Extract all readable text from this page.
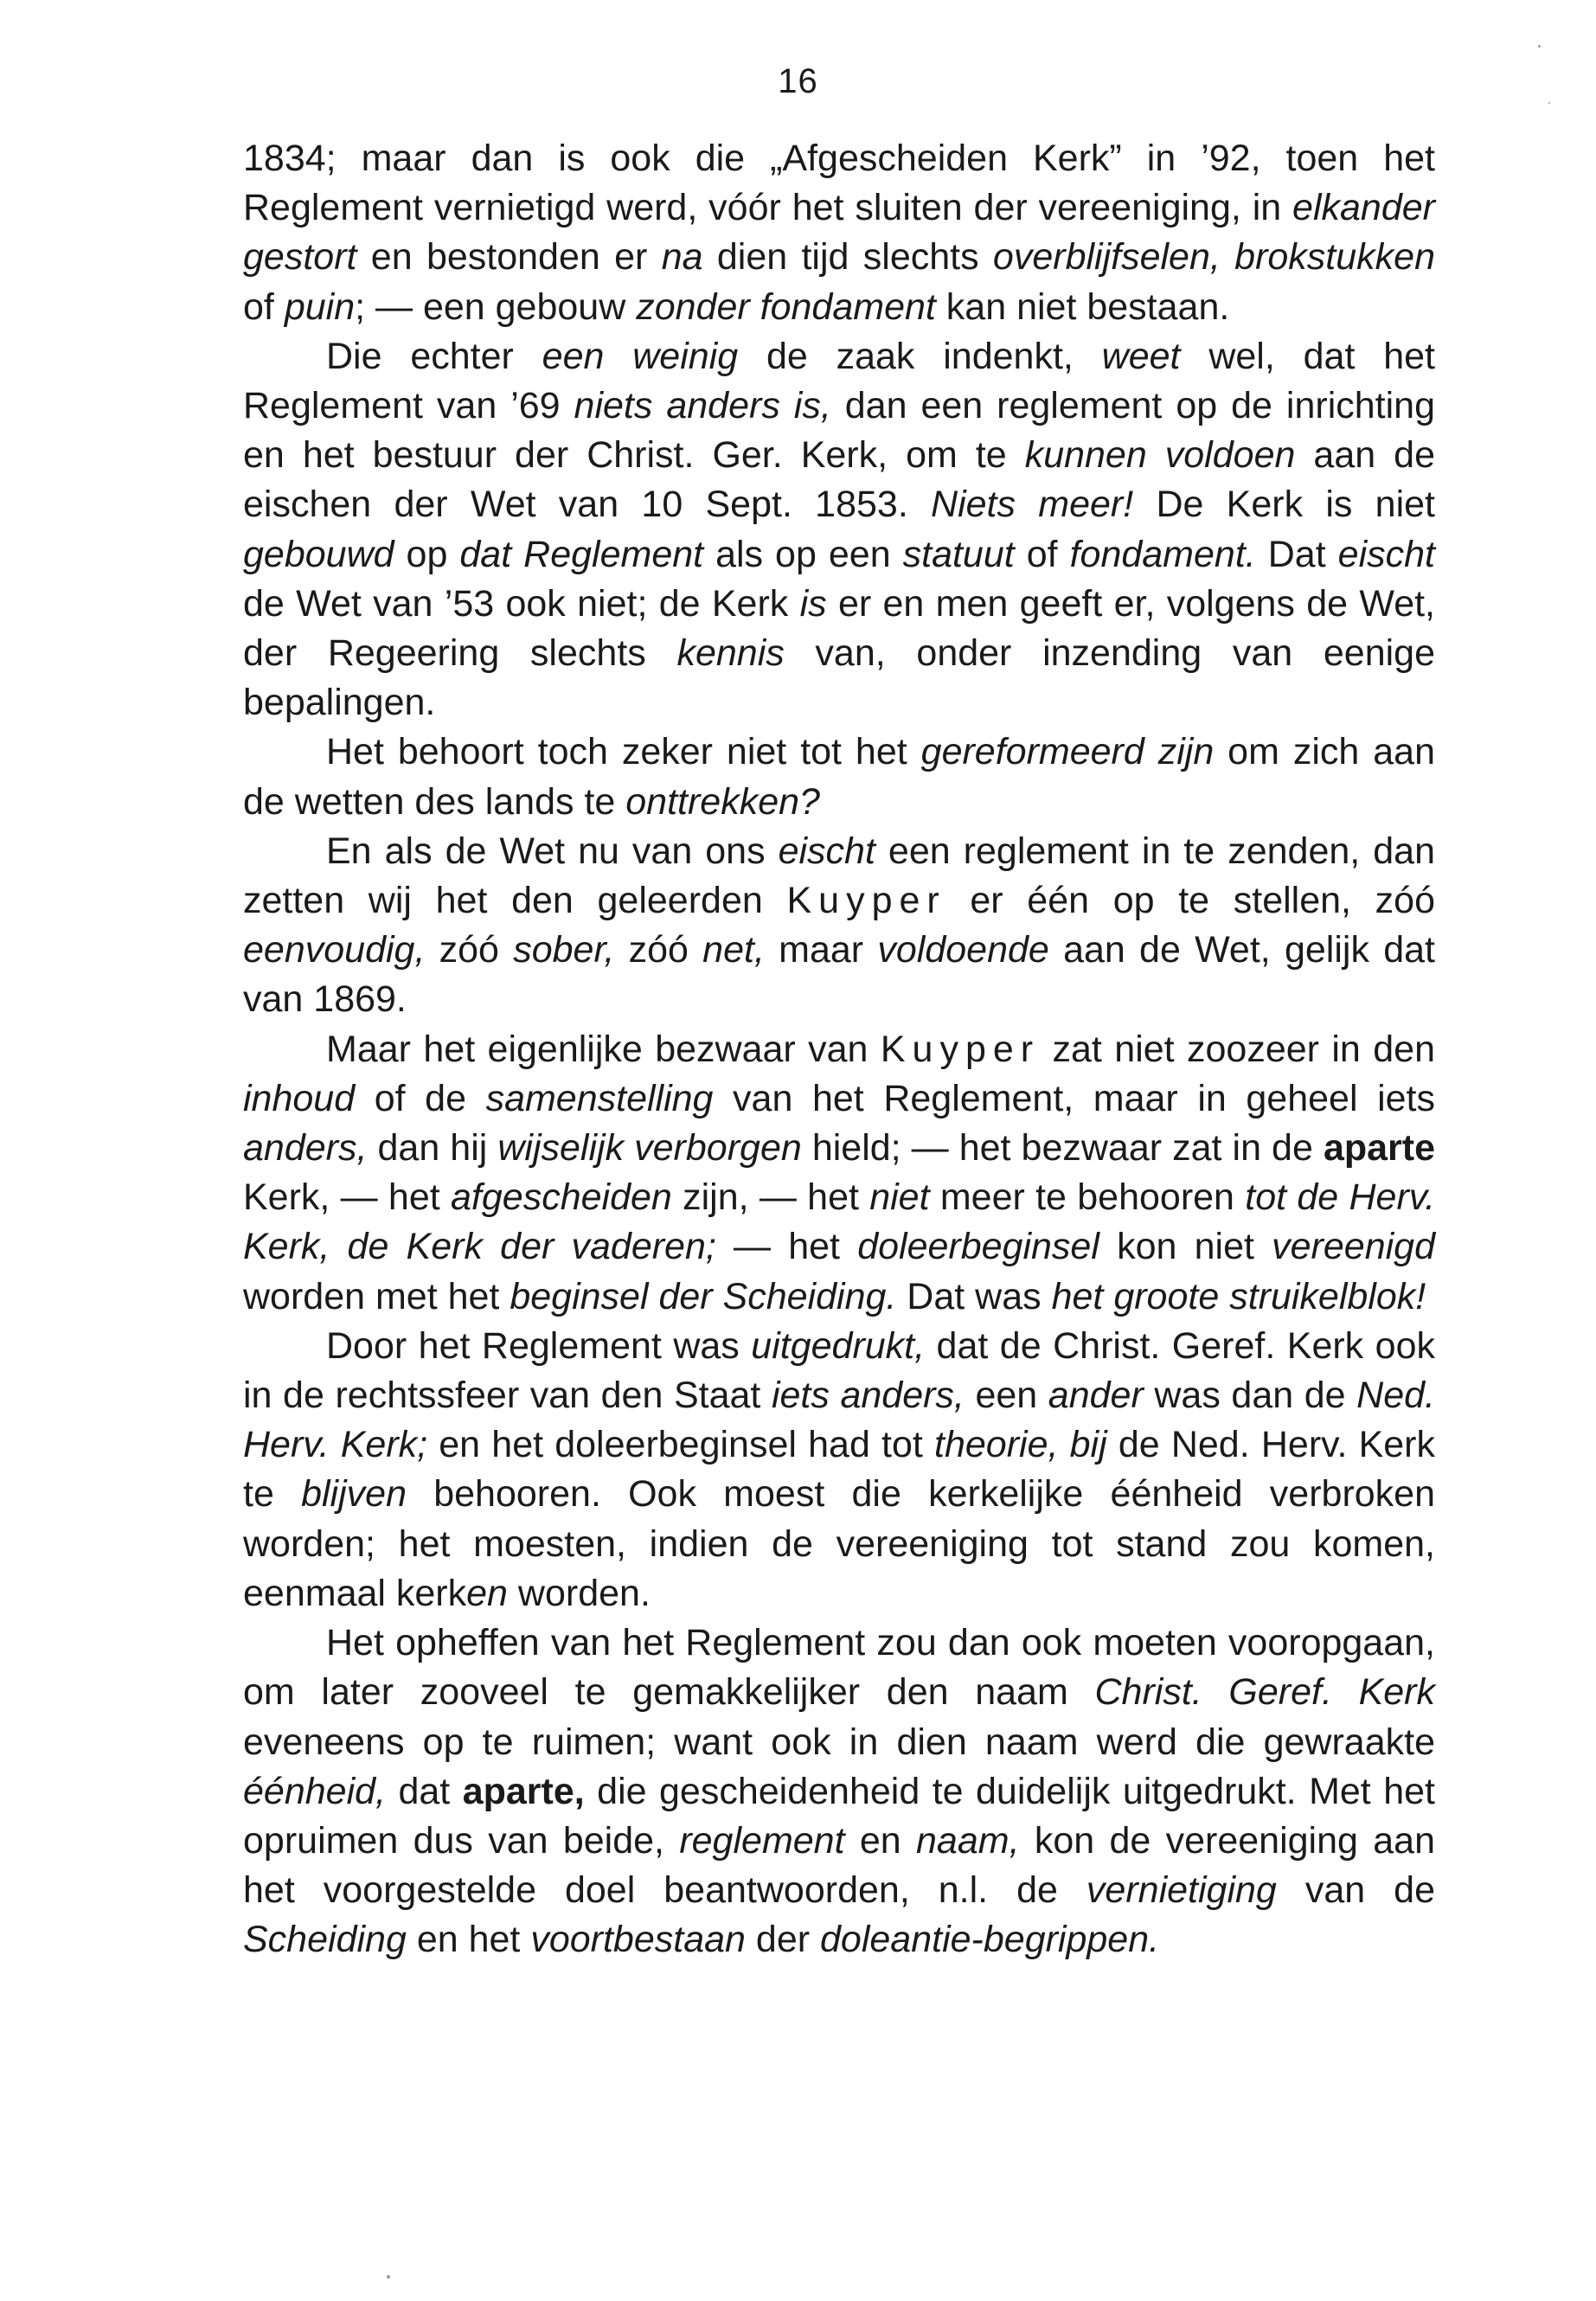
16

1834; maar dan is ook die „Afgescheiden Kerk” in ’92, toen het Reglement vernietigd werd, vóór het sluiten der vereeniging, in elkander gestort en bestonden er na dien tijd slechts overblijfselen, brokstukken of puin; — een gebouw zonder fondament kan niet bestaan.

Die echter een weinig de zaak indenkt, weet wel, dat het Reglement van ’69 niets anders is, dan een reglement op de inrichting en het bestuur der Christ. Ger. Kerk, om te kunnen voldoen aan de eischen der Wet van 10 Sept. 1853. Niets meer! De Kerk is niet gebouwd op dat Reglement als op een statuut of fondament. Dat eischt de Wet van ’53 ook niet; de Kerk is er en men geeft er, volgens de Wet, der Regeering slechts kennis van, onder inzending van eenige bepalingen.

Het behoort toch zeker niet tot het gereformeerd zijn om zich aan de wetten des lands te onttrekken?

En als de Wet nu van ons eischt een reglement in te zenden, dan zetten wij het den geleerden Kuyper er één op te stellen, zóó eenvoudig, zóó sober, zóó net, maar voldoende aan de Wet, gelijk dat van 1869.

Maar het eigenlijke bezwaar van Kuyper zat niet zoozeer in den inhoud of de samenstelling van het Reglement, maar in geheel iets anders, dan hij wijselijk verborgen hield; — het bezwaar zat in de aparte Kerk, — het afgescheiden zijn, — het niet meer te behooren tot de Herv. Kerk, de Kerk der vaderen; — het doleerbeginsel kon niet vereenigd worden met het beginsel der Scheiding. Dat was het groote struikelblok!

Door het Reglement was uitgedrukt, dat de Christ. Geref. Kerk ook in de rechtssfeer van den Staat iets anders, een ander was dan de Ned. Herv. Kerk; en het doleerbeginsel had tot theorie, bij de Ned. Herv. Kerk te blijven behooren. Ook moest die kerkelijke éénheid verbroken worden; het moesten, indien de vereeniging tot stand zou komen, eenmaal kerken worden.

Het opheffen van het Reglement zou dan ook moeten vooropgaan, om later zooveel te gemakkelijker den naam Christ. Geref. Kerk eveneens op te ruimen; want ook in dien naam werd die gewraakte éénheid, dat aparte, die gescheidenheid te duidelijk uitgedrukt. Met het opruimen dus van beide, reglement en naam, kon de vereeniging aan het voorgestelde doel beantwoorden, n.l. de vernietiging van de Scheiding en het voortbestaan der doleantie-begrippen.
